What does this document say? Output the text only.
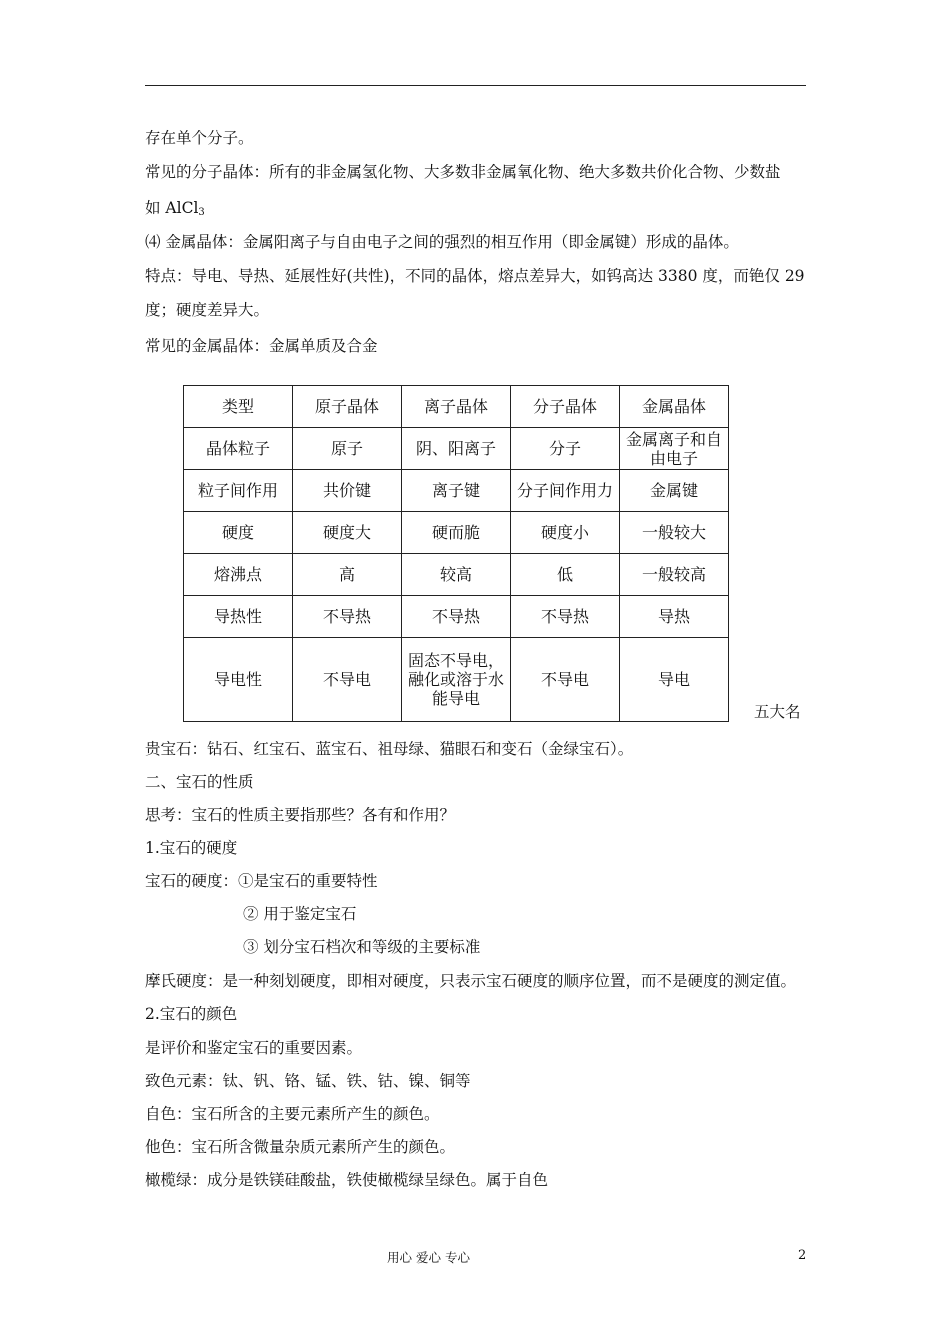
存在单个分子。
常见的分子晶体：所有的非金属氢化物、大多数非金属氧化物、绝大多数共价化合物、少数盐
如 AlCl$_3$
⑷ 金属晶体：金属阳离子与自由电子之间的强烈的相互作用（即金属键）形成的晶体。
特点：导电、导热、延展性好(共性)，不同的晶体，熔点差异大，如钨高达 3380 度，而铯仅 29
度；硬度差异大。
常见的金属晶体：金属单质及合金
类型	原子晶体	离子晶体	分子晶体	金属晶体
晶体粒子	原子	阴、阳离子	分子	金属离子和自由电子
粒子间作用	共价键	离子键	分子间作用力	金属键
硬度	硬度大	硬而脆	硬度小	一般较大
熔沸点	高	较高	低	一般较高
导热性	不导热	不导热	不导热	导热
导电性	不导电	固态不导电，融化或溶于水能导电	不导电	导电
五大名
贵宝石：钻石、红宝石、蓝宝石、祖母绿、猫眼石和变石（金绿宝石）。
二、宝石的性质
思考：宝石的性质主要指那些？各有和作用？
1.宝石的硬度
宝石的硬度：①是宝石的重要特性
② 用于鉴定宝石
③ 划分宝石档次和等级的主要标准
摩氏硬度：是一种刻划硬度，即相对硬度，只表示宝石硬度的顺序位置，而不是硬度的测定值。
2.宝石的颜色
是评价和鉴定宝石的重要因素。
致色元素：钛、钒、铬、锰、铁、钴、镍、铜等
自色：宝石所含的主要元素所产生的颜色。
他色：宝石所含微量杂质元素所产生的颜色。
橄榄绿：成分是铁镁硅酸盐，铁使橄榄绿呈绿色。属于自色
用心 爱心 专心	2
